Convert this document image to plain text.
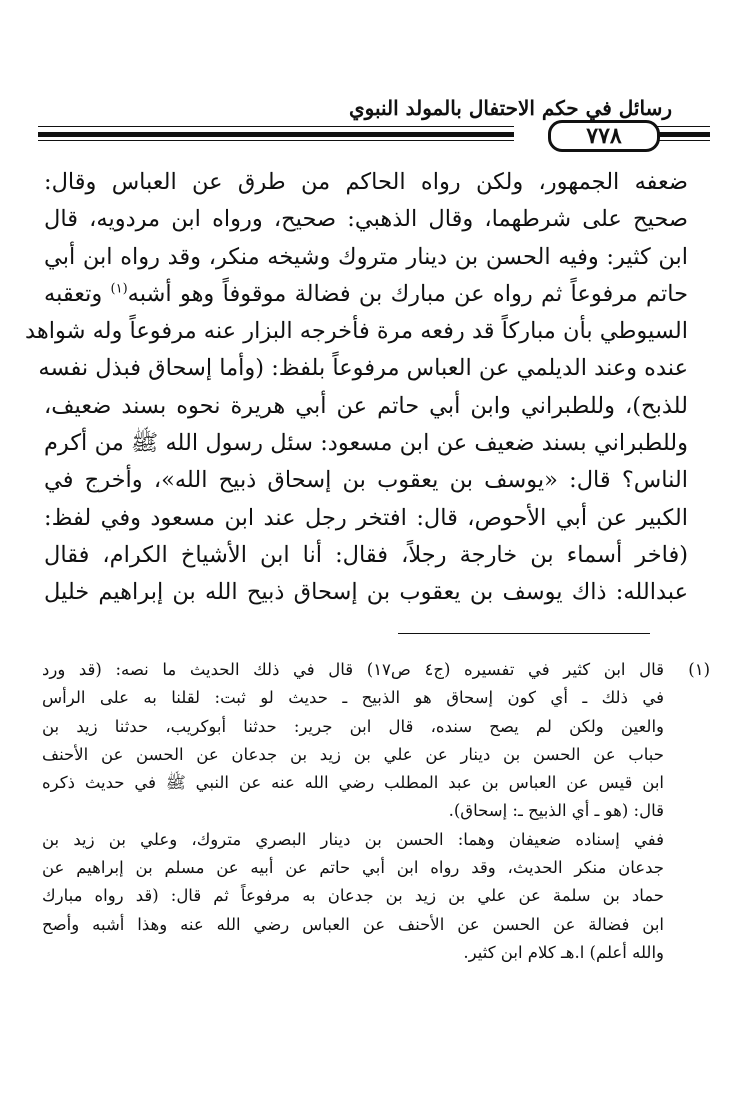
رسائل في حكم الاحتفال بالمولد النبوي
٧٧٨

ضعفه الجمهور، ولكن رواه الحاكم من طرق عن العباس وقال:

صحيح على شرطهما، وقال الذهبي: صحيح، ورواه ابن مردويه، قال

ابن كثير: وفيه الحسن بن دينار متروك وشيخه منكر، وقد رواه ابن أبي

حاتم مرفوعاً ثم رواه عن مبارك بن فضالة موقوفاً وهو أشبه$^{(١)}$ وتعقبه

السيوطي بأن مباركاً قد رفعه مرة فأخرجه البزار عنه مرفوعاً وله شواهد

عنده وعند الديلمي عن العباس مرفوعاً بلفظ: (وأما إسحاق فبذل نفسه

للذبح)، وللطبراني وابن أبي حاتم عن أبي هريرة نحوه بسند ضعيف،

وللطبراني بسند ضعيف عن ابن مسعود: سئل رسول الله ﷺ من أكرم

الناس؟ قال: «يوسف بن يعقوب بن إسحاق ذبيح الله»، وأخرج في

الكبير عن أبي الأحوص، قال: افتخر رجل عند ابن مسعود وفي لفظ:

(فاخر أسماء بن خارجة رجلاً، فقال: أنا ابن الأشياخ الكرام، فقال

عبدالله: ذاك يوسف بن يعقوب بن إسحاق ذبيح الله بن إبراهيم خليل

(١)

قال ابن كثير في تفسيره (ج٤ ص١٧) قال في ذلك الحديث ما نصه: (قد ورد

في ذلك ـ أي كون إسحاق هو الذبيح ـ حديث لو ثبت: لقلنا به على الرأس

والعين ولكن لم يصح سنده، قال ابن جرير: حدثنا أبوكريب، حدثنا زيد بن

حباب عن الحسن بن دينار عن علي بن زيد بن جدعان عن الحسن عن الأحنف

ابن قيس عن العباس بن عبد المطلب رضي الله عنه عن النبي ﷺ في حديث ذكره

قال: (هو ـ أي الذبيح ـ: إسحاق).

ففي إسناده ضعيفان وهما: الحسن بن دينار البصري متروك، وعلي بن زيد بن

جدعان منكر الحديث، وقد رواه ابن أبي حاتم عن أبيه عن مسلم بن إبراهيم عن

حماد بن سلمة عن علي بن زيد بن جدعان به مرفوعاً ثم قال: (قد رواه مبارك

ابن فضالة عن الحسن عن الأحنف عن العباس رضي الله عنه وهذا أشبه وأصح

والله أعلم) ا.هـ كلام ابن كثير.
